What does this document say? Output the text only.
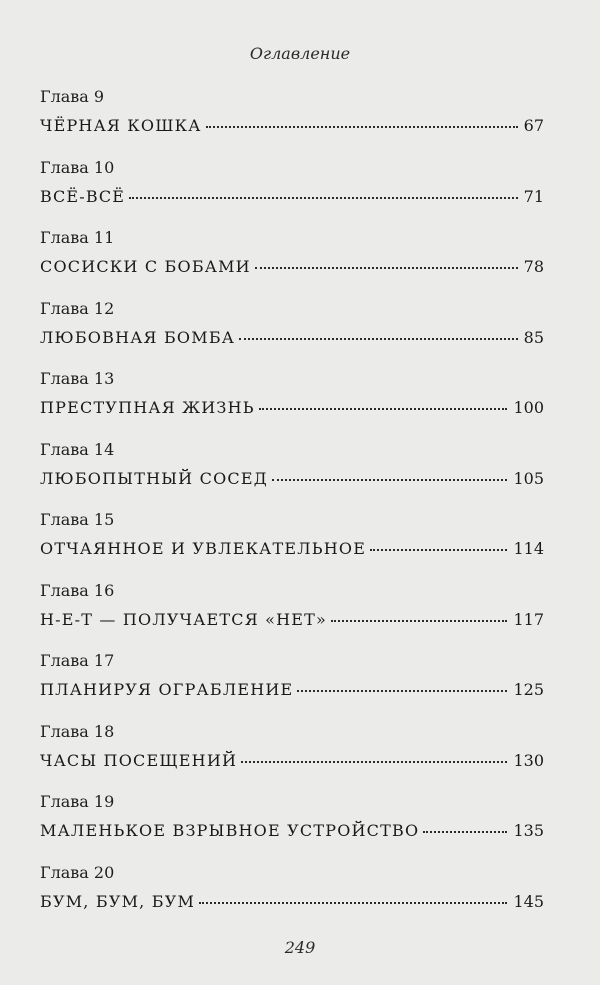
Оглавление
Глава 9
ЧЁРНАЯ КОШКА	67
Глава 10
ВСЁ-ВСЁ	71
Глава 11
СОСИСКИ С БОБАМИ	78
Глава 12
ЛЮБОВНАЯ БОМБА	85
Глава 13
ПРЕСТУПНАЯ ЖИЗНЬ	100
Глава 14
ЛЮБОПЫТНЫЙ СОСЕД	105
Глава 15
ОТЧАЯННОЕ И УВЛЕКАТЕЛЬНОЕ	114
Глава 16
Н-Е-Т — ПОЛУЧАЕТСЯ «НЕТ»	117
Глава 17
ПЛАНИРУЯ ОГРАБЛЕНИЕ	125
Глава 18
ЧАСЫ ПОСЕЩЕНИЙ	130
Глава 19
МАЛЕНЬКОЕ ВЗРЫВНОЕ УСТРОЙСТВО	135
Глава 20
БУМ, БУМ, БУМ	145
249
